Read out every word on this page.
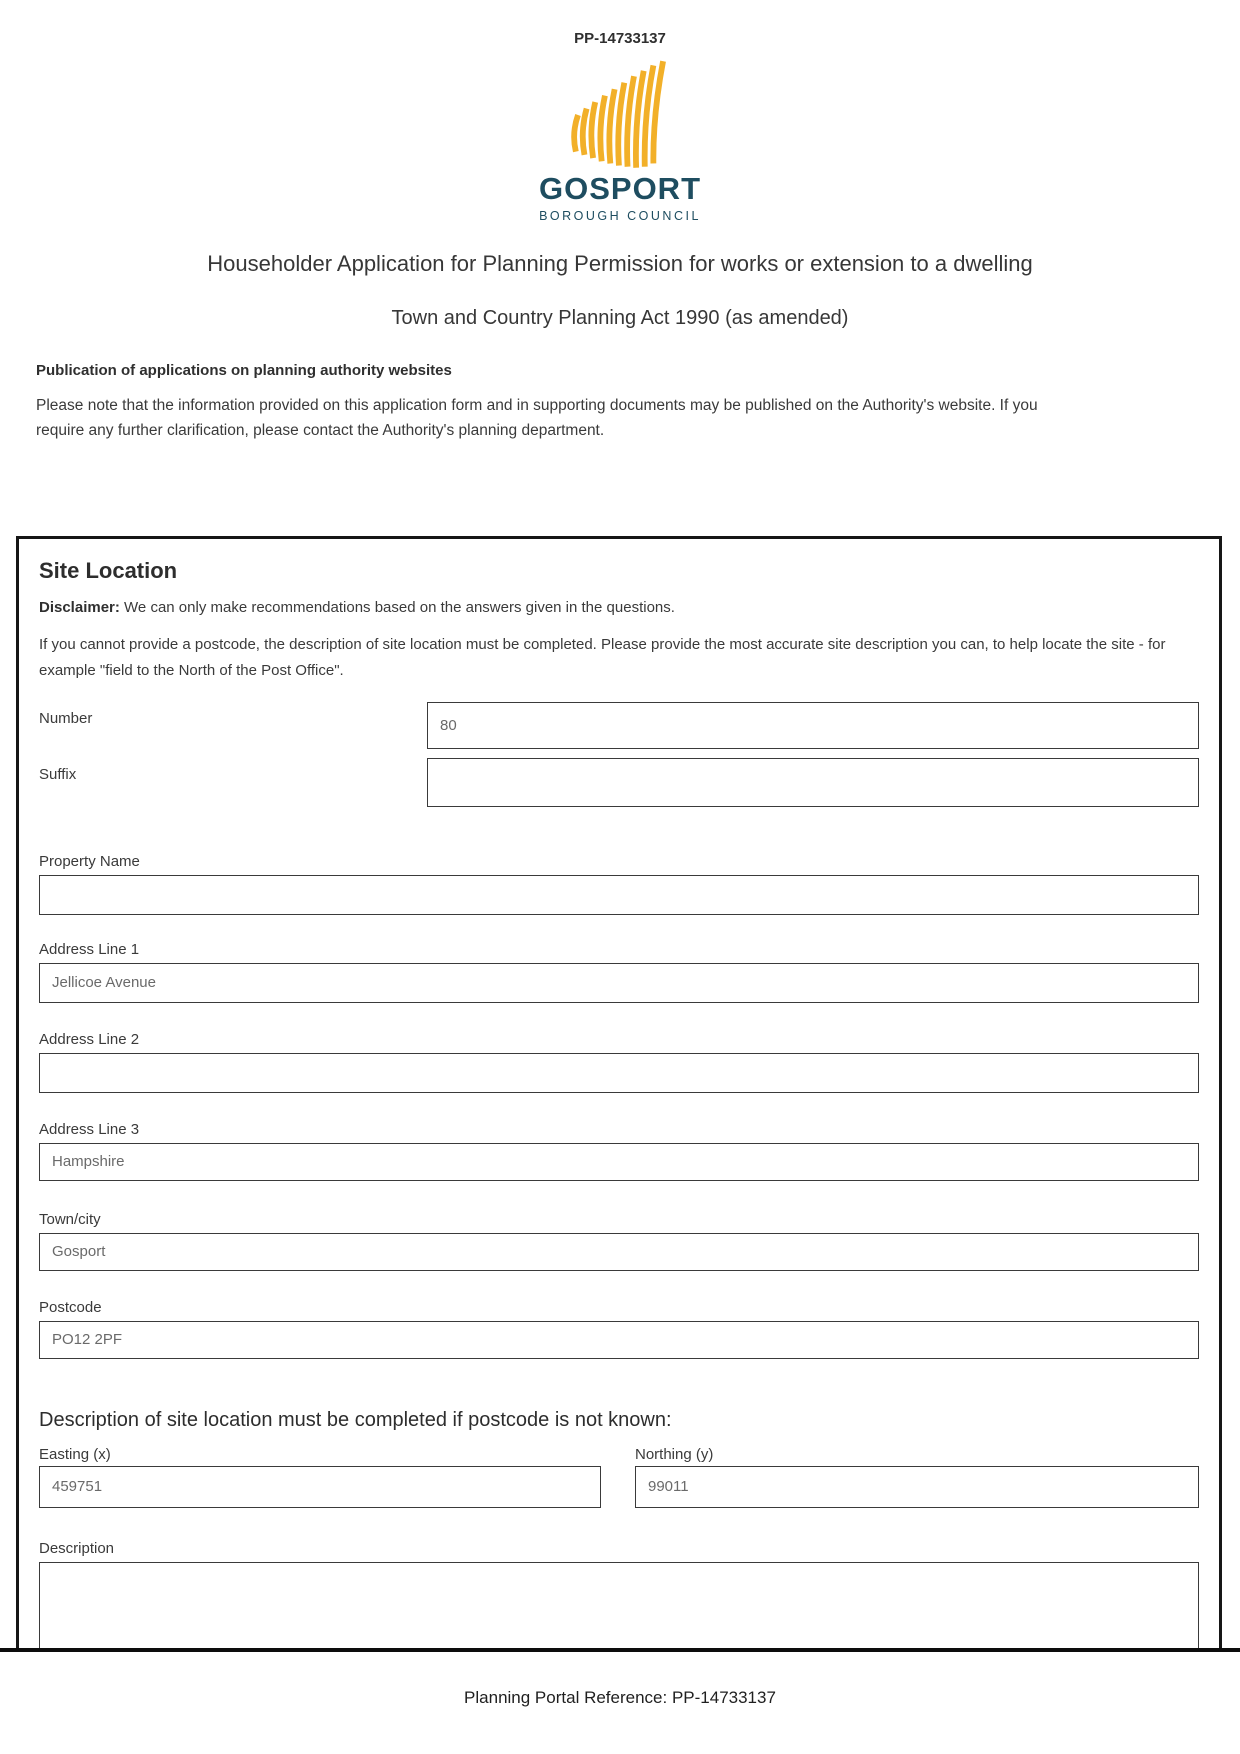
PP-14733137
GOSPORT
BOROUGH COUNCIL
Householder Application for Planning Permission for works or extension to a dwelling
Town and Country Planning Act 1990 (as amended)
Publication of applications on planning authority websites

Please note that the information provided on this application form and in supporting documents may be published on the Authority's website. If you require any further clarification, please contact the Authority's planning department.

Site Location

Disclaimer: We can only make recommendations based on the answers given in the questions.

If you cannot provide a postcode, the description of site location must be completed. Please provide the most accurate site description you can, to help locate the site - for example "field to the North of the Post Office".

Number
80
Suffix
Property Name
Address Line 1
Jellicoe Avenue
Address Line 2
Address Line 3
Hampshire
Town/city
Gosport
Postcode
PO12 2PF
Description of site location must be completed if postcode is not known:
Easting (x)
459751	Northing (y)
99011
Description
Planning Portal Reference: PP-14733137
